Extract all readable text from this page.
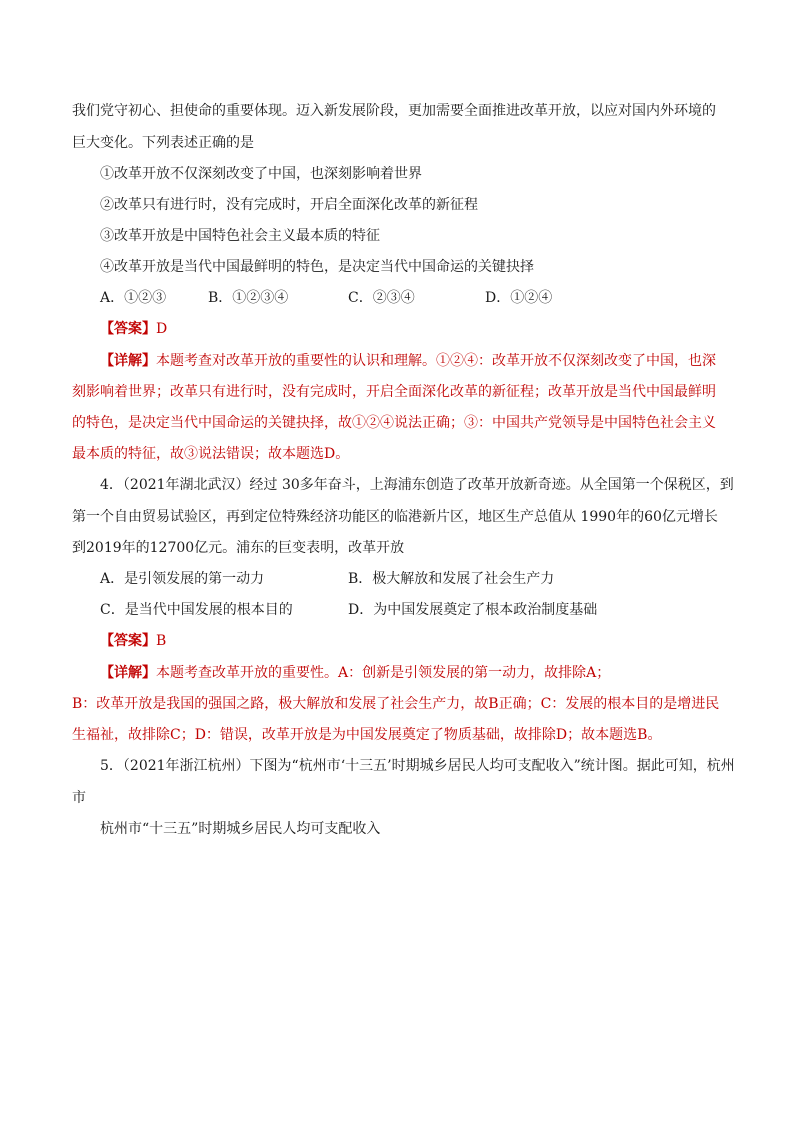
我们党守初心、担使命的重要体现。迈入新发展阶段，更加需要全面推进改革开放，以应对国内外环境的
巨大变化。下列表述正确的是
①改革开放不仅深刻改变了中国，也深刻影响着世界
②改革只有进行时，没有完成时，开启全面深化改革的新征程
③改革开放是中国特色社会主义最本质的特征
④改革开放是当代中国最鲜明的特色，是决定当代中国命运的关键抉择
A．①②③	B．①②③④	C．②③④	D．①②④
【答案】D
【详解】本题考查对改革开放的重要性的认识和理解。①②④：改革开放不仅深刻改变了中国，也深
刻影响着世界；改革只有进行时，没有完成时，开启全面深化改革的新征程；改革开放是当代中国最鲜明
的特色，是决定当代中国命运的关键抉择，故①②④说法正确；③：中国共产党领导是中国特色社会主义
最本质的特征，故③说法错误；故本题选D。
4．（2021年湖北武汉）经过 30多年奋斗，上海浦东创造了改革开放新奇迹。从全国第一个保税区，到
第一个自由贸易试验区，再到定位特殊经济功能区的临港新片区，地区生产总值从 1990年的60亿元增长
到2019年的12700亿元。浦东的巨变表明，改革开放
A．是引领发展的第一动力	B．极大解放和发展了社会生产力
C．是当代中国发展的根本目的	D．为中国发展奠定了根本政治制度基础
【答案】B
【详解】本题考查改革开放的重要性。A：创新是引领发展的第一动力，故排除A；
B：改革开放是我国的强国之路，极大解放和发展了社会生产力，故B正确；C：发展的根本目的是增进民
生福祉，故排除C；D：错误，改革开放是为中国发展奠定了物质基础，故排除D；故本题选B。
5．（2021年浙江杭州）下图为“杭州市‘十三五’时期城乡居民人均可支配收入”统计图。据此可知，杭州
市
杭州市“十三五”时期城乡居民人均可支配收入
